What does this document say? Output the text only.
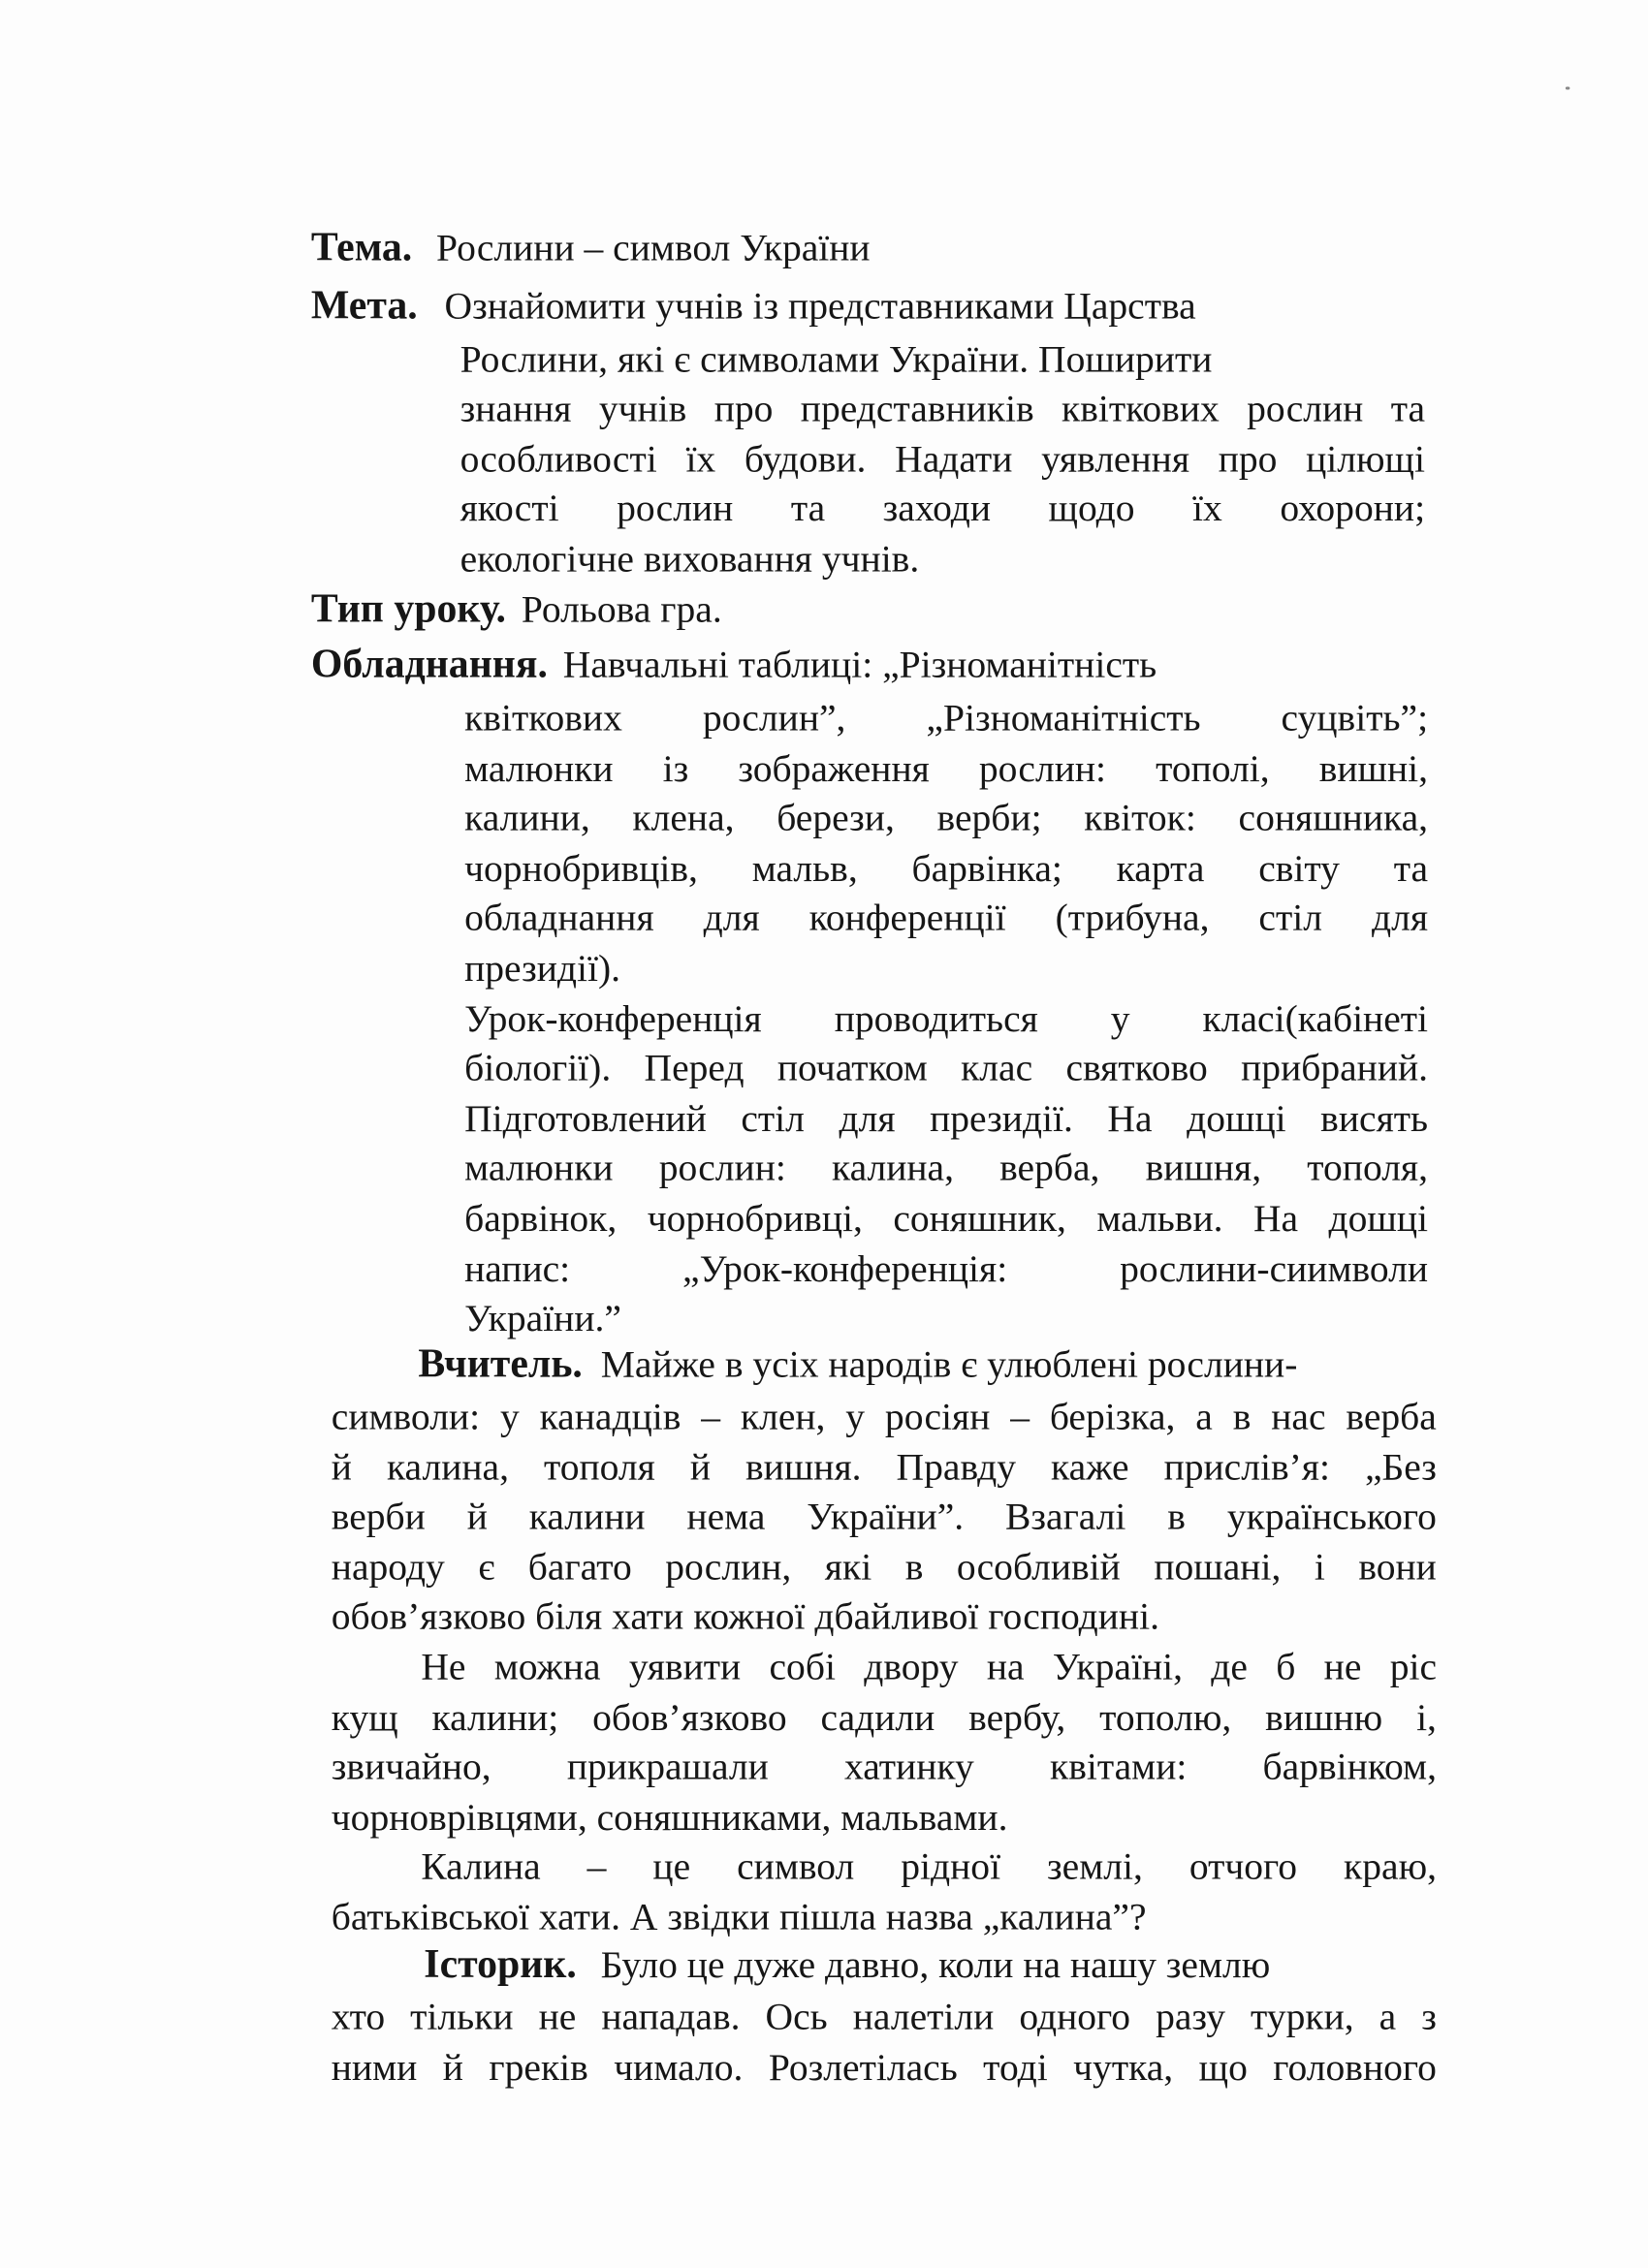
Тема. Рослини – символ України
Мета. Ознайомити учнів із представниками Царства
Рослини, які є символами України. Поширити
знання учнів про представників квіткових рослин та
особливості їх будови. Надати уявлення про цілющі
якості рослин та заходи щодо їх охорони;
екологічне виховання учнів.
Тип уроку. Рольова гра.
Обладнання. Навчальні таблиці: „Різноманітність
квіткових	рослин”,	„Різноманітність	суцвіть”;
малюнки із зображення рослин: тополі, вишні,
калини, клена, берези, верби; квіток: соняшника,
чорнобривців, мальв, барвінка; карта світу та
обладнання для конференції (трибуна, стіл для
президії).
Урок-конференція	проводиться	у	класі(кабінеті
біології). Перед початком клас святково прибраний.
Підготовлений стіл для президії. На дошці висять
малюнки рослин: калина, верба, вишня, тополя,
барвінок, чорнобривці, соняшник, мальви. На дошці
напис:	„Урок-конференція:	рослини-сиимволи
України.”
Вчитель. Майже в усіх народів є улюблені рослини-
символи: у канадців – клен, у росіян – берізка, а в нас верба
й калина, тополя й вишня. Правду каже прислів’я: „Без
верби й калини нема України”. Взагалі в українського
народу є багато рослин, які в особливій пошані, і вони
обов’язково біля хати кожної дбайливої господині.
Не можна уявити собі двору на Україні, де б не ріс
кущ калини; обов’язково садили вербу, тополю, вишню і,
звичайно,	прикрашали	хатинку	квітами:	барвінком,
чорноврівцями, соняшниками, мальвами.
Калина – це символ рідної землі, отчого краю,
батьківської хати. А звідки пішла назва „калина”?
Історик. Було це дуже давно, коли на нашу землю
хто тільки не нападав. Ось налетіли одного разу турки, а з
ними й греків чимало. Розлетілась тоді чутка, що головного
